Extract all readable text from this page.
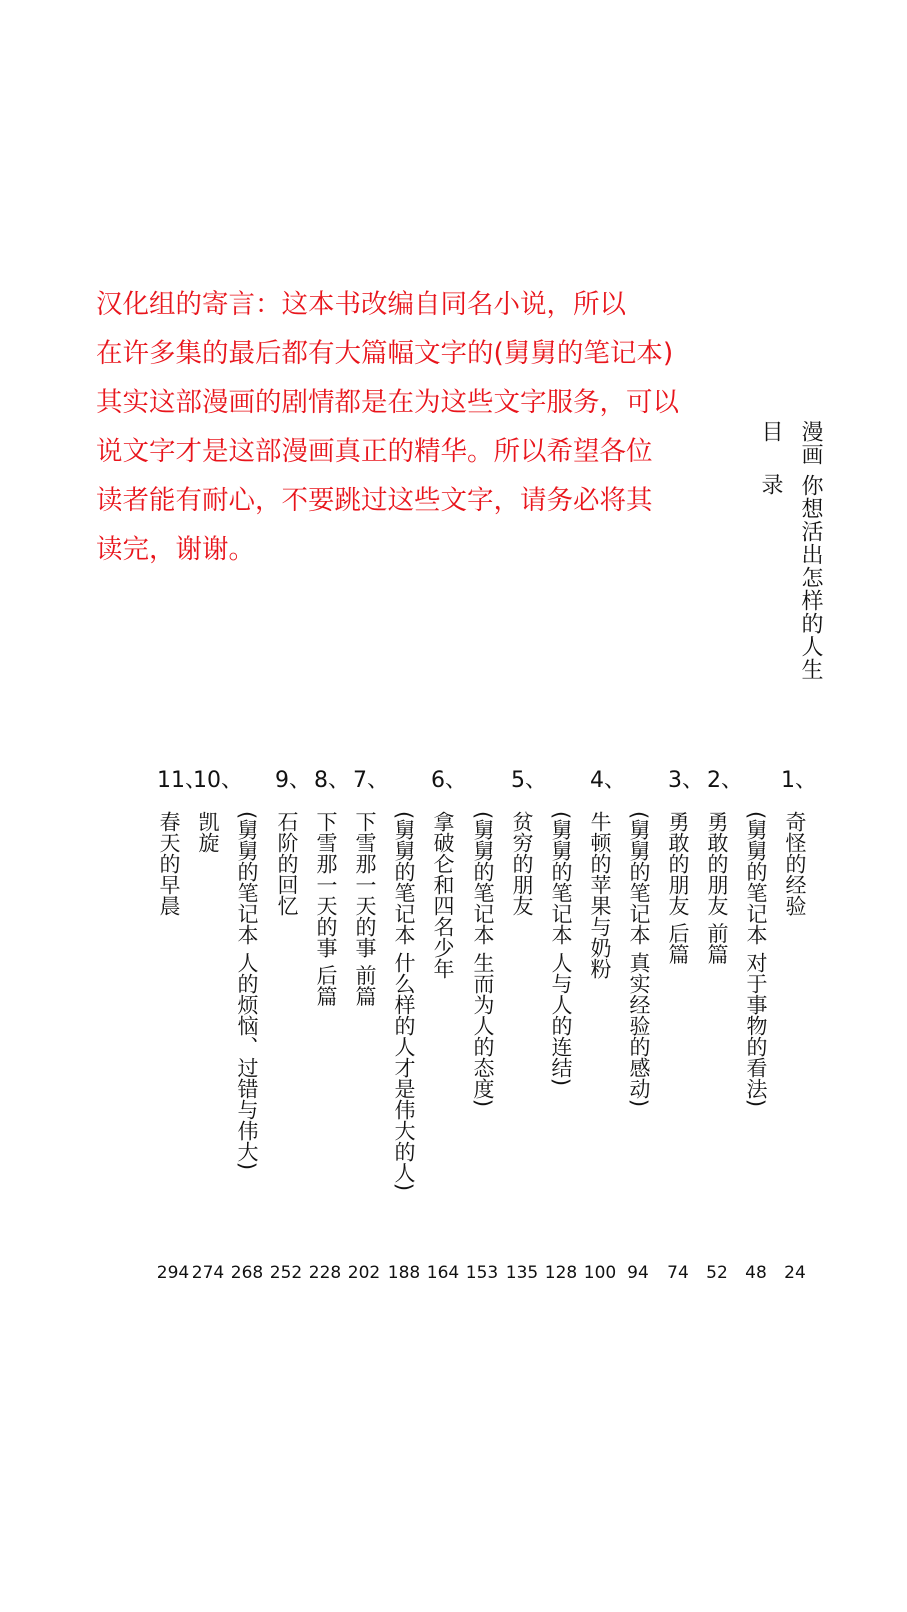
汉化组的寄言：这本书改编自同名小说，所以
在许多集的最后都有大篇幅文字的(舅舅的笔记本)
其实这部漫画的剧情都是在为这些文字服务，可以
说文字才是这部漫画真正的精华。所以希望各位
读者能有耐心，不要跳过这些文字，请务必将其
读完，谢谢。	漫画 你想活出怎样的人生
目 录
1、
2、
3、
4、
5、
6、
7、
8、
9、
10、
11、
奇怪的经验
(舅舅的笔记本 对于事物的看法)
勇敢的朋友 前篇
勇敢的朋友 后篇
(舅舅的笔记本 真实经验的感动)
牛顿的苹果与奶粉
(舅舅的笔记本 人与人的连结)
贫穷的朋友
(舅舅的笔记本 生而为人的态度)
拿破仑和四名少年
(舅舅的笔记本 什么样的人才是伟大的人)
下雪那一天的事 前篇
下雪那一天的事 后篇
石阶的回忆
(舅舅的笔记本 人的烦恼、过错与伟大)
凯旋
春天的早晨
24
48
52
74
94
100
128
135
153
164
188
202
228
252
268
274
294
